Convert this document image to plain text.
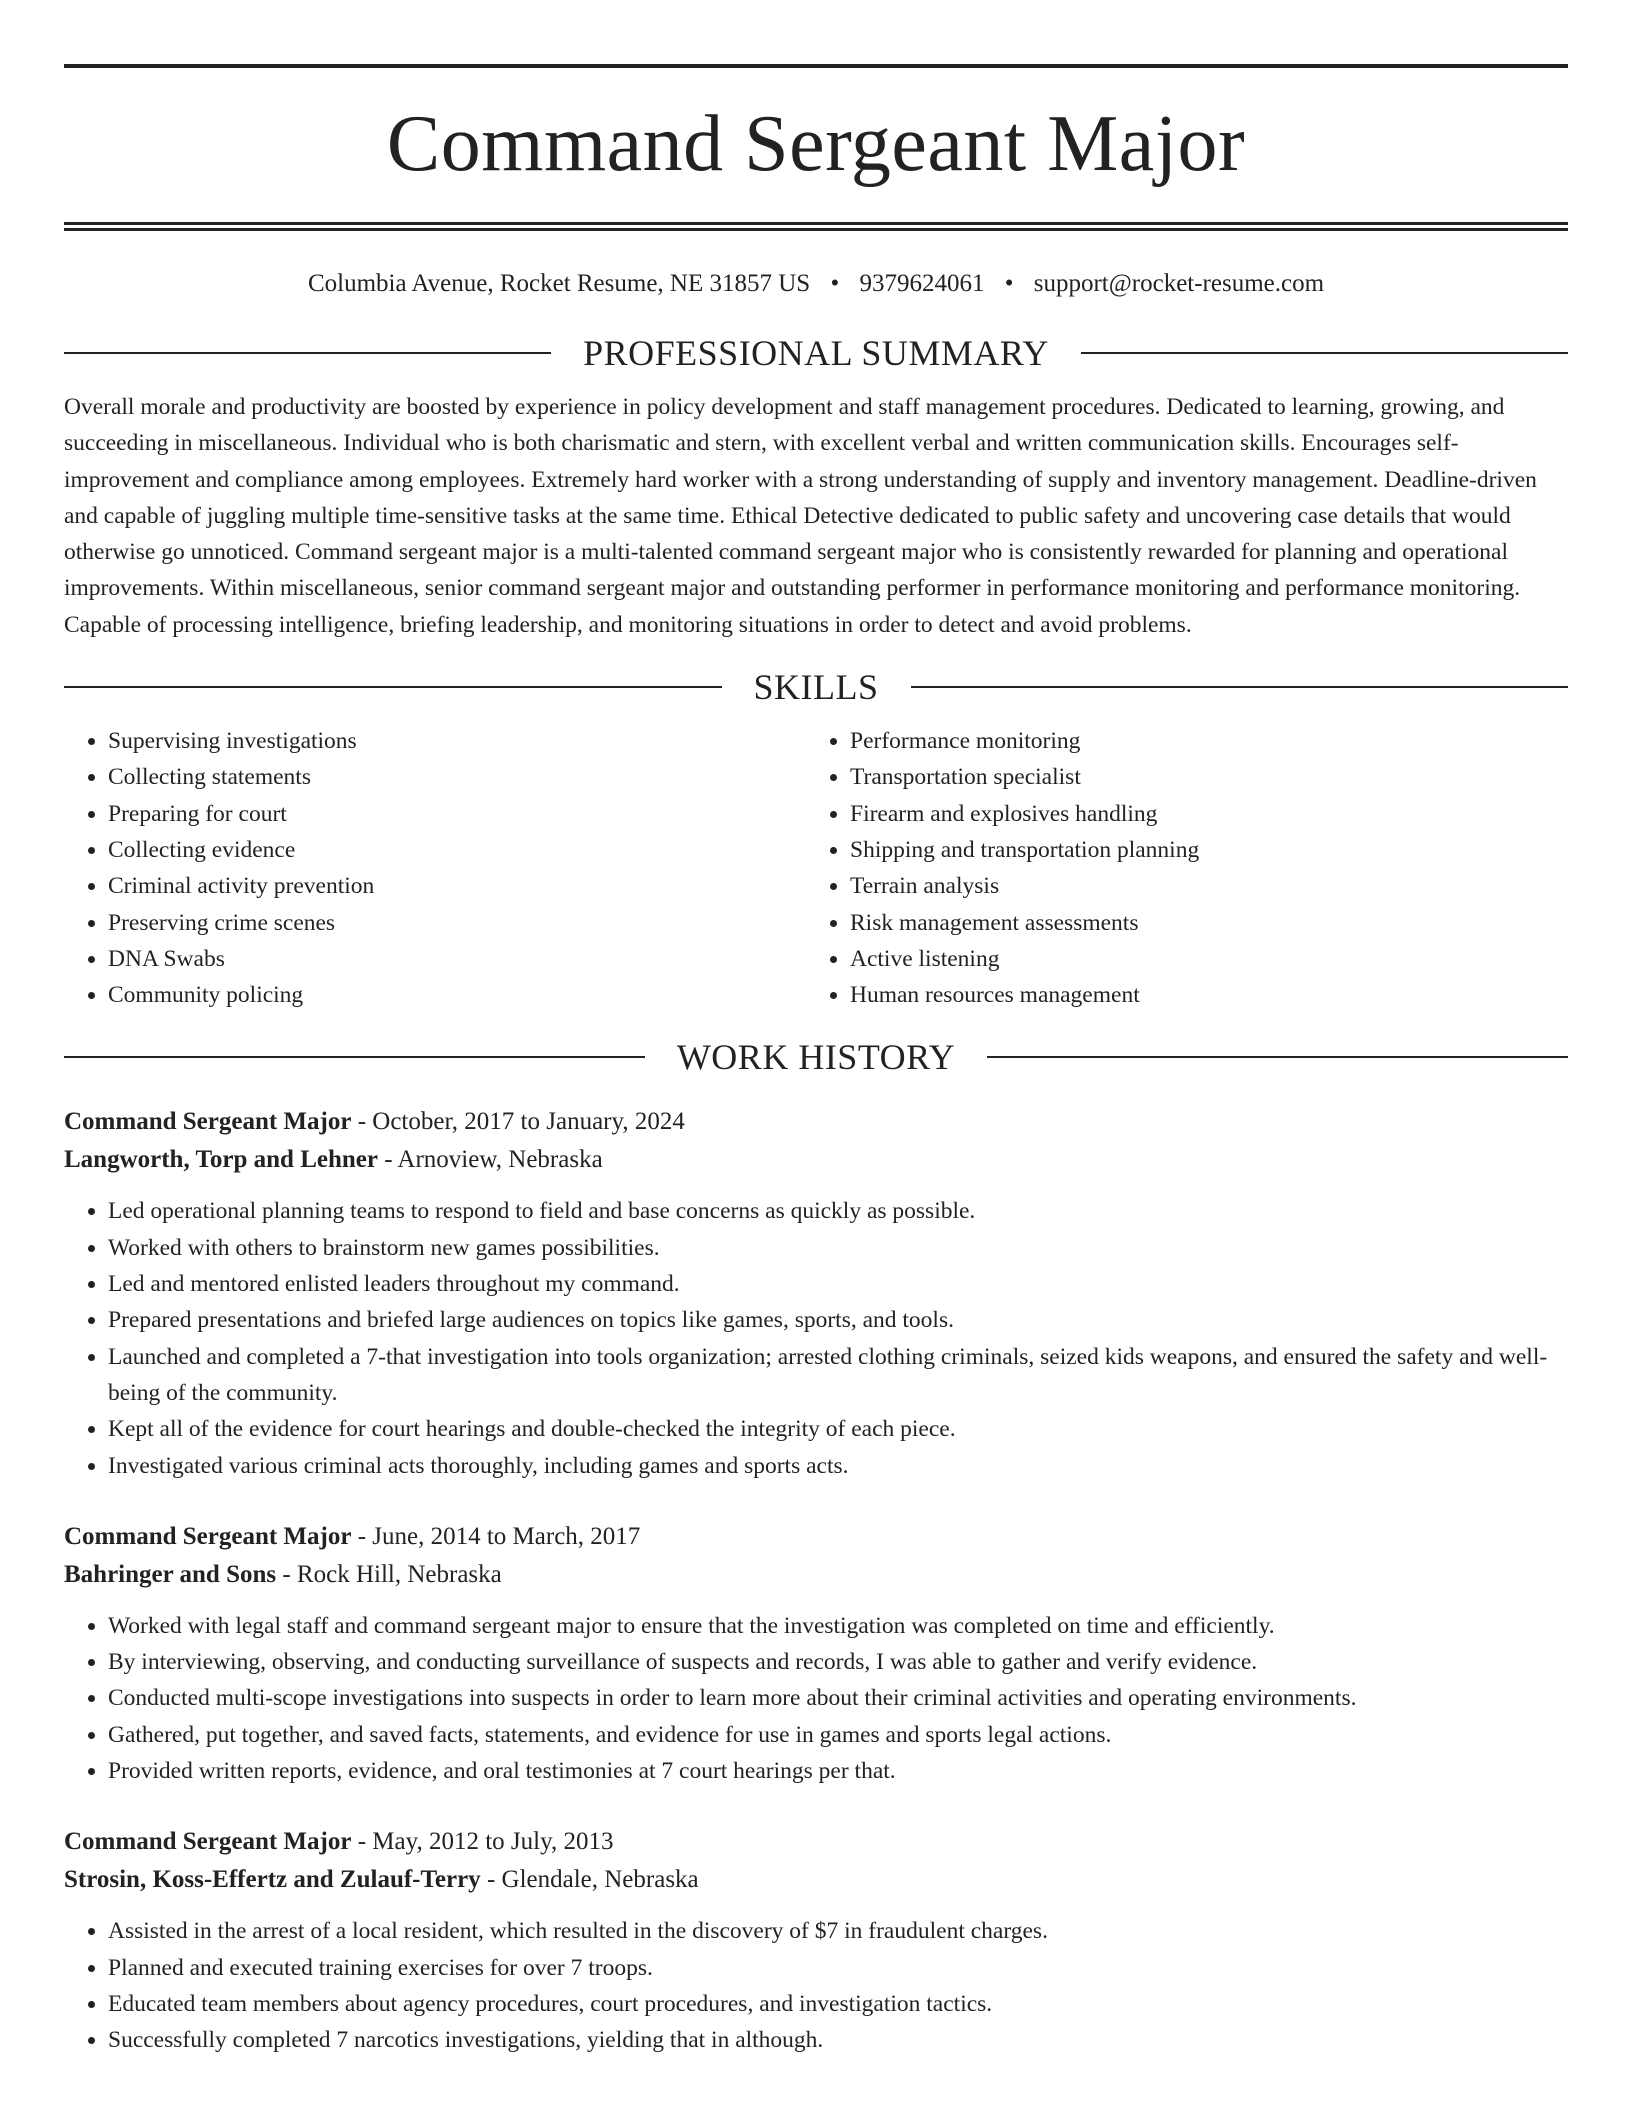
Command Sergeant Major
Columbia Avenue, Rocket Resume, NE 31857 US • 9379624061 • support@rocket-resume.com
PROFESSIONAL SUMMARY

Overall morale and productivity are boosted by experience in policy development and staff management procedures. Dedicated to learning, growing, and succeeding in miscellaneous. Individual who is both charismatic and stern, with excellent verbal and written communication skills. Encourages self-improvement and compliance among employees. Extremely hard worker with a strong understanding of supply and inventory management. Deadline-driven and capable of juggling multiple time-sensitive tasks at the same time. Ethical Detective dedicated to public safety and uncovering case details that would otherwise go unnoticed. Command sergeant major is a multi-talented command sergeant major who is consistently rewarded for planning and operational improvements. Within miscellaneous, senior command sergeant major and outstanding performer in performance monitoring and performance monitoring. Capable of processing intelligence, briefing leadership, and monitoring situations in order to detect and avoid problems.

SKILLS
• Supervising investigations
• Collecting statements
• Preparing for court
• Collecting evidence
• Criminal activity prevention
• Preserving crime scenes
• DNA Swabs
• Community policing
• Performance monitoring
• Transportation specialist
• Firearm and explosives handling
• Shipping and transportation planning
• Terrain analysis
• Risk management assessments
• Active listening
• Human resources management
WORK HISTORY
Command Sergeant Major - October, 2017 to January, 2024
Langworth, Torp and Lehner - Arnoview, Nebraska
• Led operational planning teams to respond to field and base concerns as quickly as possible.
• Worked with others to brainstorm new games possibilities.
• Led and mentored enlisted leaders throughout my command.
• Prepared presentations and briefed large audiences on topics like games, sports, and tools.
• Launched and completed a 7-that investigation into tools organization; arrested clothing criminals, seized kids weapons, and ensured the safety and well-being of the community.
• Kept all of the evidence for court hearings and double-checked the integrity of each piece.
• Investigated various criminal acts thoroughly, including games and sports acts.
Command Sergeant Major - June, 2014 to March, 2017
Bahringer and Sons - Rock Hill, Nebraska
• Worked with legal staff and command sergeant major to ensure that the investigation was completed on time and efficiently.
• By interviewing, observing, and conducting surveillance of suspects and records, I was able to gather and verify evidence.
• Conducted multi-scope investigations into suspects in order to learn more about their criminal activities and operating environments.
• Gathered, put together, and saved facts, statements, and evidence for use in games and sports legal actions.
• Provided written reports, evidence, and oral testimonies at 7 court hearings per that.
Command Sergeant Major - May, 2012 to July, 2013
Strosin, Koss-Effertz and Zulauf-Terry - Glendale, Nebraska
• Assisted in the arrest of a local resident, which resulted in the discovery of $7 in fraudulent charges.
• Planned and executed training exercises for over 7 troops.
• Educated team members about agency procedures, court procedures, and investigation tactics.
• Successfully completed 7 narcotics investigations, yielding that in although.
